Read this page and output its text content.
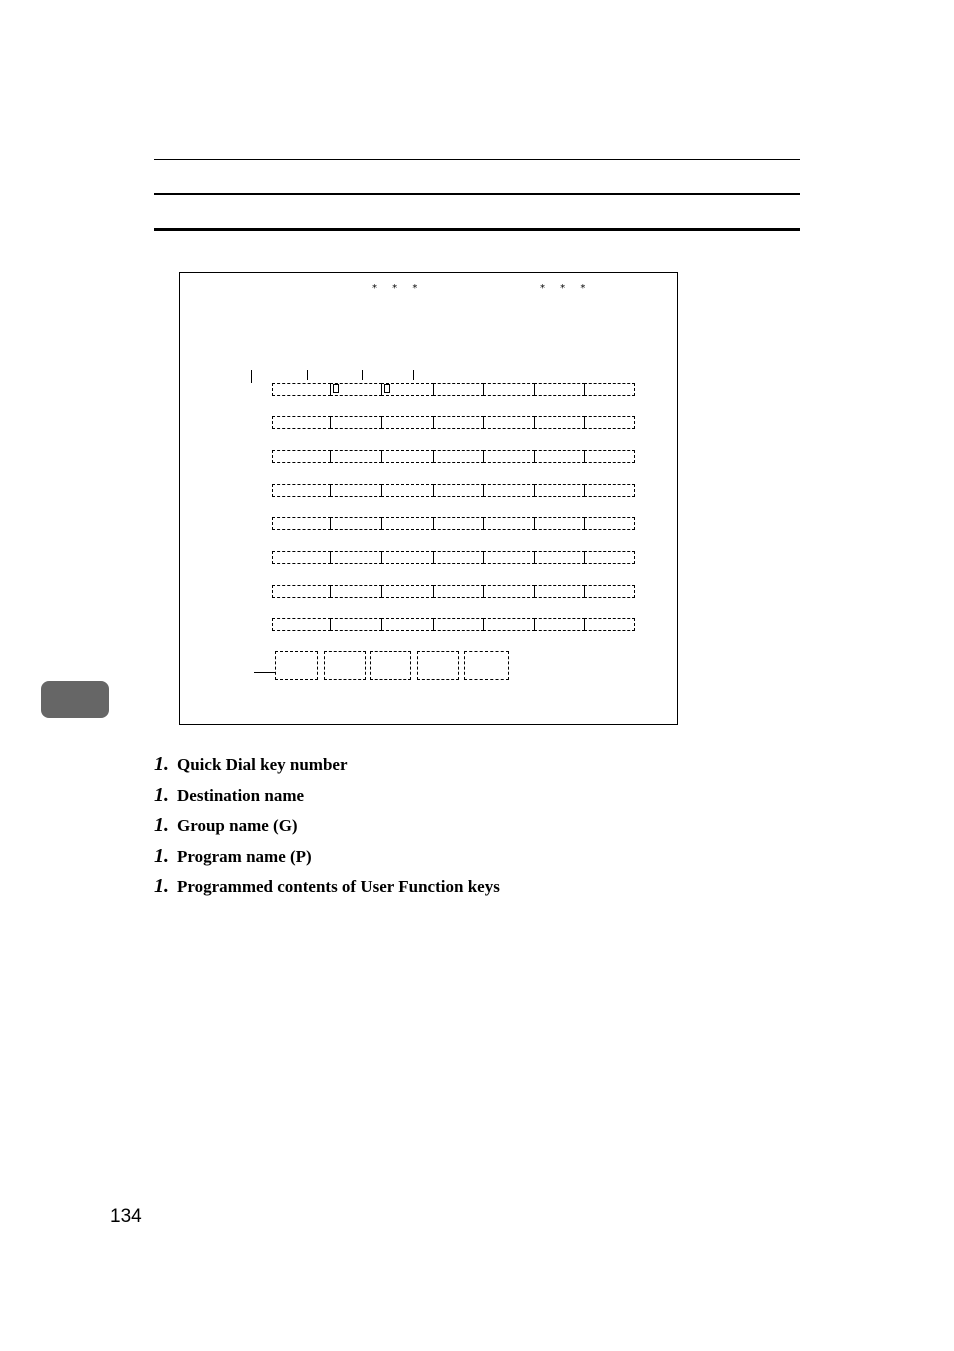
* * *	* * *
1. Quick Dial key number
1. Destination name
1. Group name (G)
1. Program name (P)
1. Programmed contents of User Function keys
134
